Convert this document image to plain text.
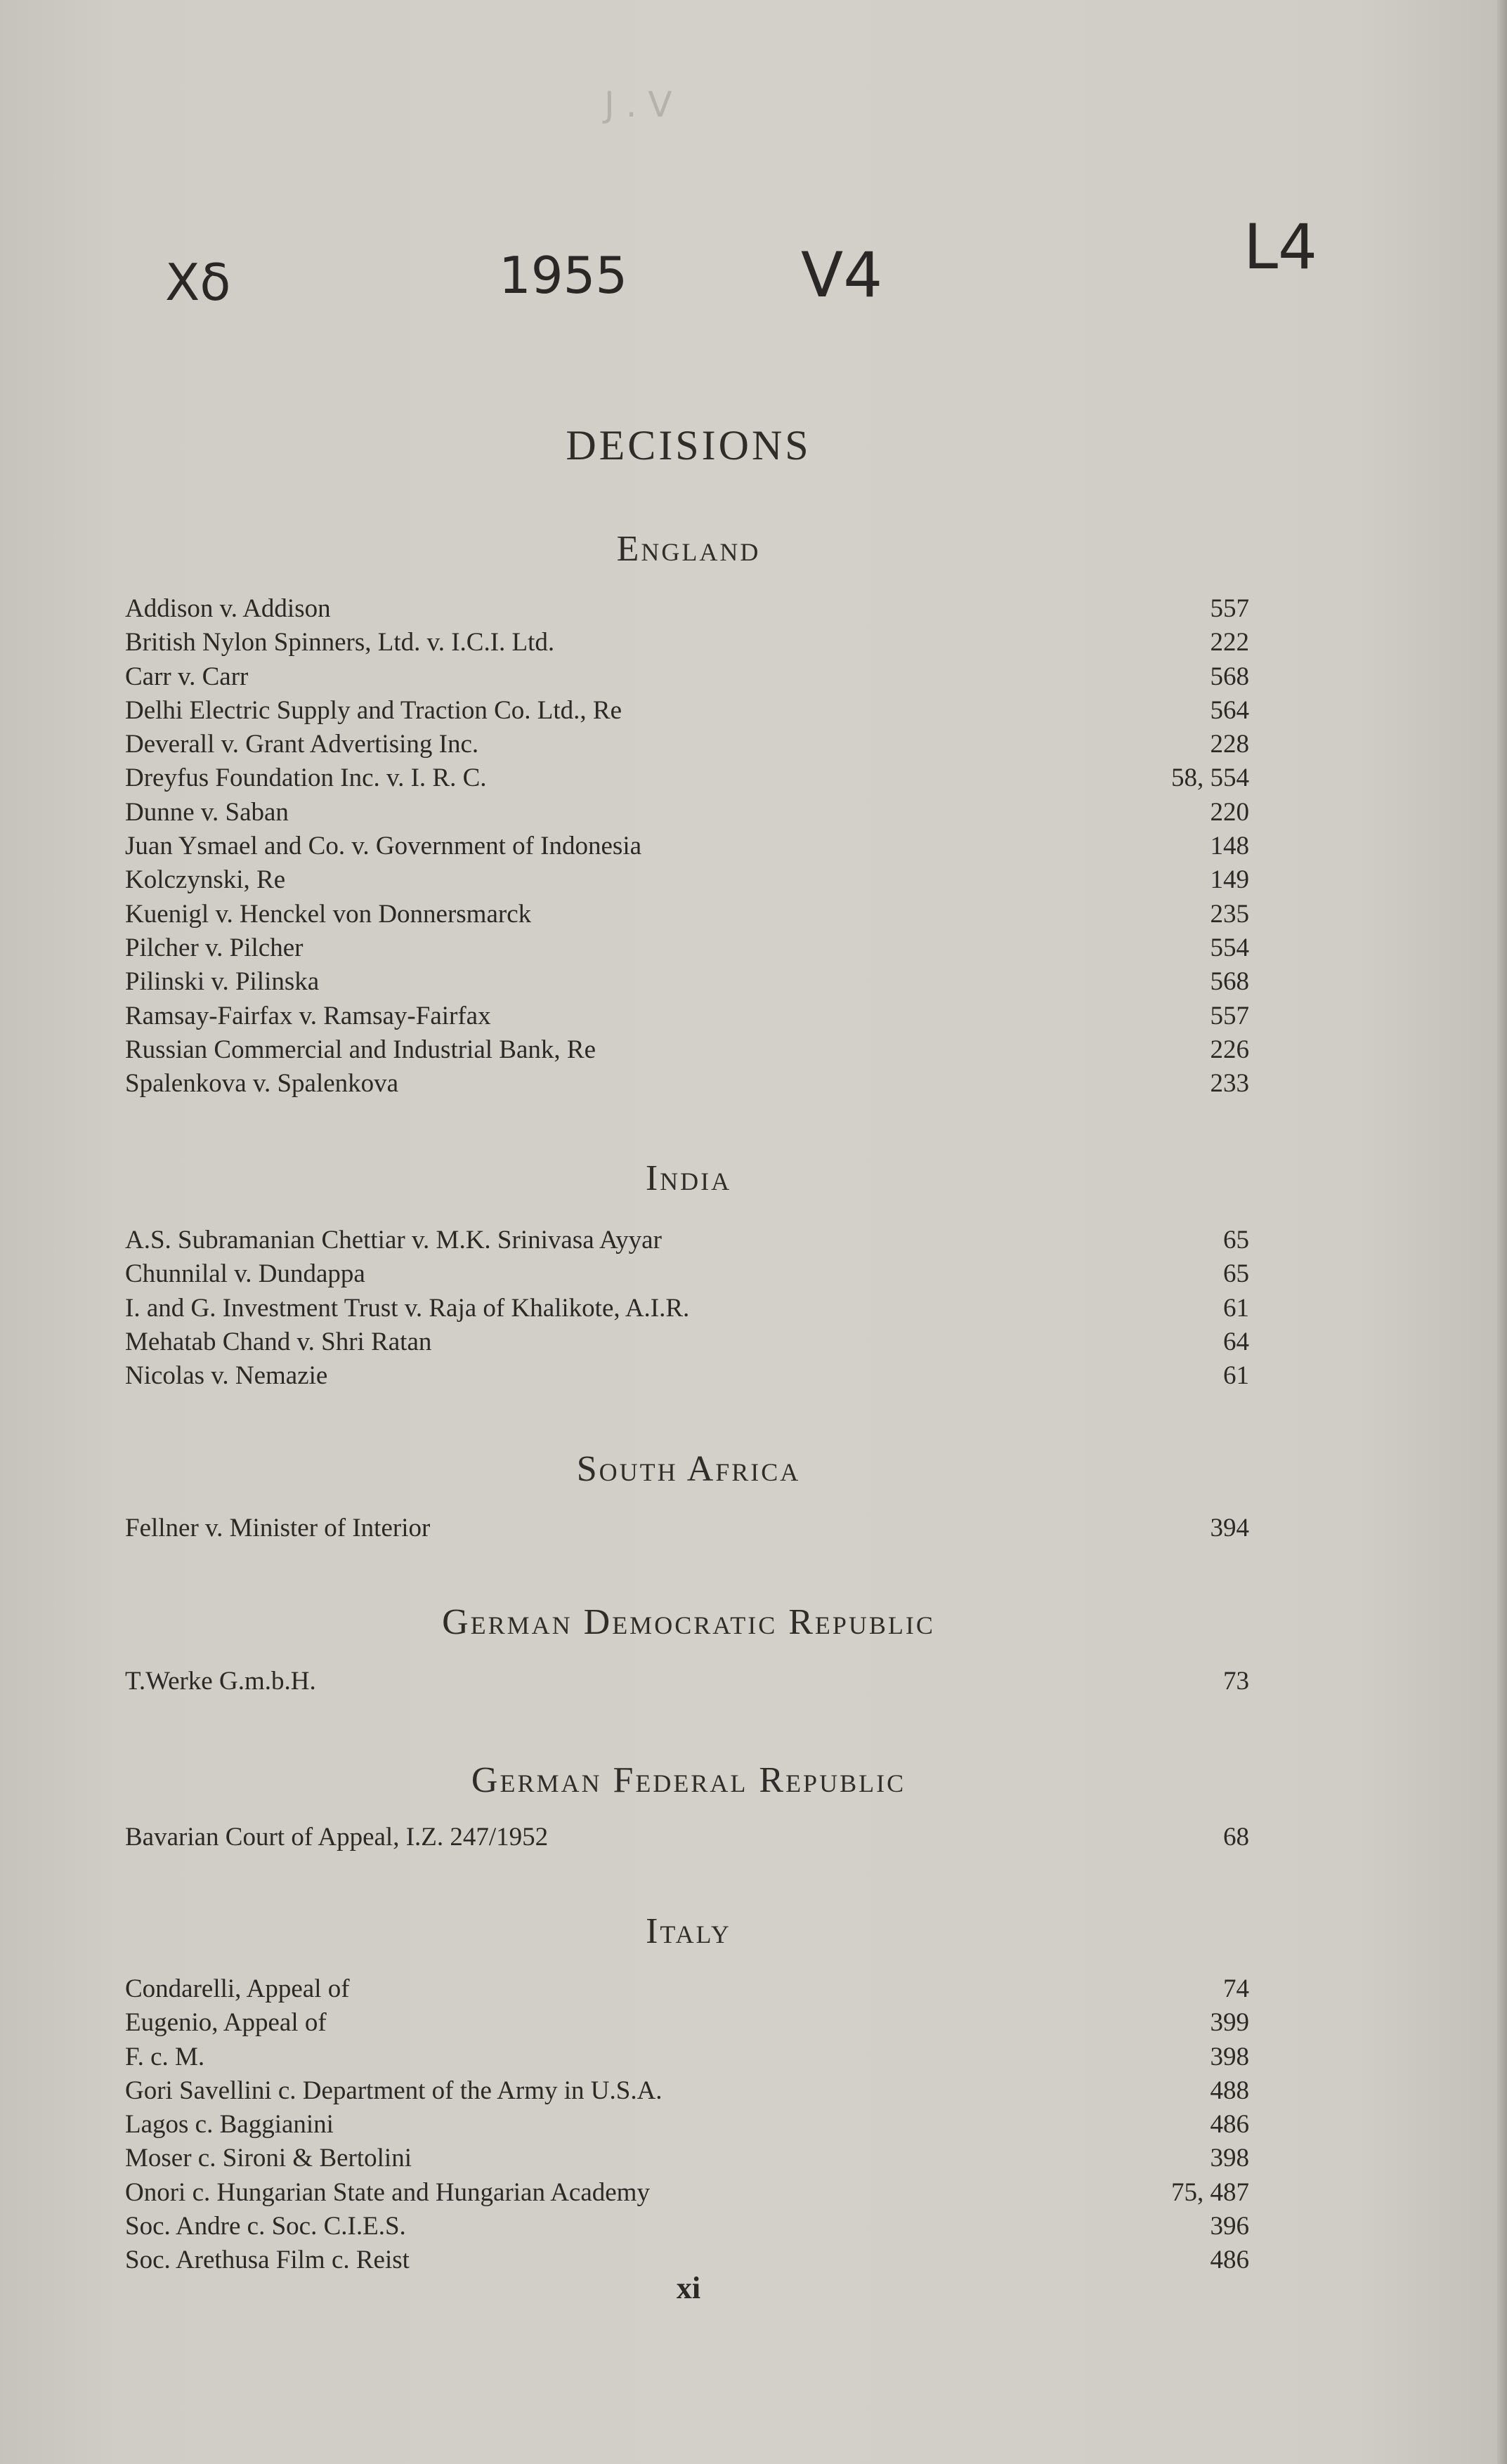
J . V
Xδ	1955	V4	L4
DECISIONS
England
Addison v. Addison	557
British Nylon Spinners, Ltd. v. I.C.I. Ltd.	222
Carr v. Carr	568
Delhi Electric Supply and Traction Co. Ltd., Re	564
Deverall v. Grant Advertising Inc.	228
Dreyfus Foundation Inc. v. I. R. C.	58, 554
Dunne v. Saban	220
Juan Ysmael and Co. v. Government of Indonesia	148
Kolczynski, Re	149
Kuenigl v. Henckel von Donnersmarck	235
Pilcher v. Pilcher	554
Pilinski v. Pilinska	568
Ramsay-Fairfax v. Ramsay-Fairfax	557
Russian Commercial and Industrial Bank, Re	226
Spalenkova v. Spalenkova	233
India
A.S. Subramanian Chettiar v. M.K. Srinivasa Ayyar	65
Chunnilal v. Dundappa	65
I. and G. Investment Trust v. Raja of Khalikote, A.I.R.	61
Mehatab Chand v. Shri Ratan	64
Nicolas v. Nemazie	61
South Africa
Fellner v. Minister of Interior	394
German Democratic Republic
T.Werke G.m.b.H.	73
German Federal Republic
Bavarian Court of Appeal, I.Z. 247/1952	68
Italy
Condarelli, Appeal of	74
Eugenio, Appeal of	399
F. c. M.	398
Gori Savellini c. Department of the Army in U.S.A.	488
Lagos c. Baggianini	486
Moser c. Sironi & Bertolini	398
Onori c. Hungarian State and Hungarian Academy	75, 487
Soc. Andre c. Soc. C.I.E.S.	396
Soc. Arethusa Film c. Reist	486
xi
